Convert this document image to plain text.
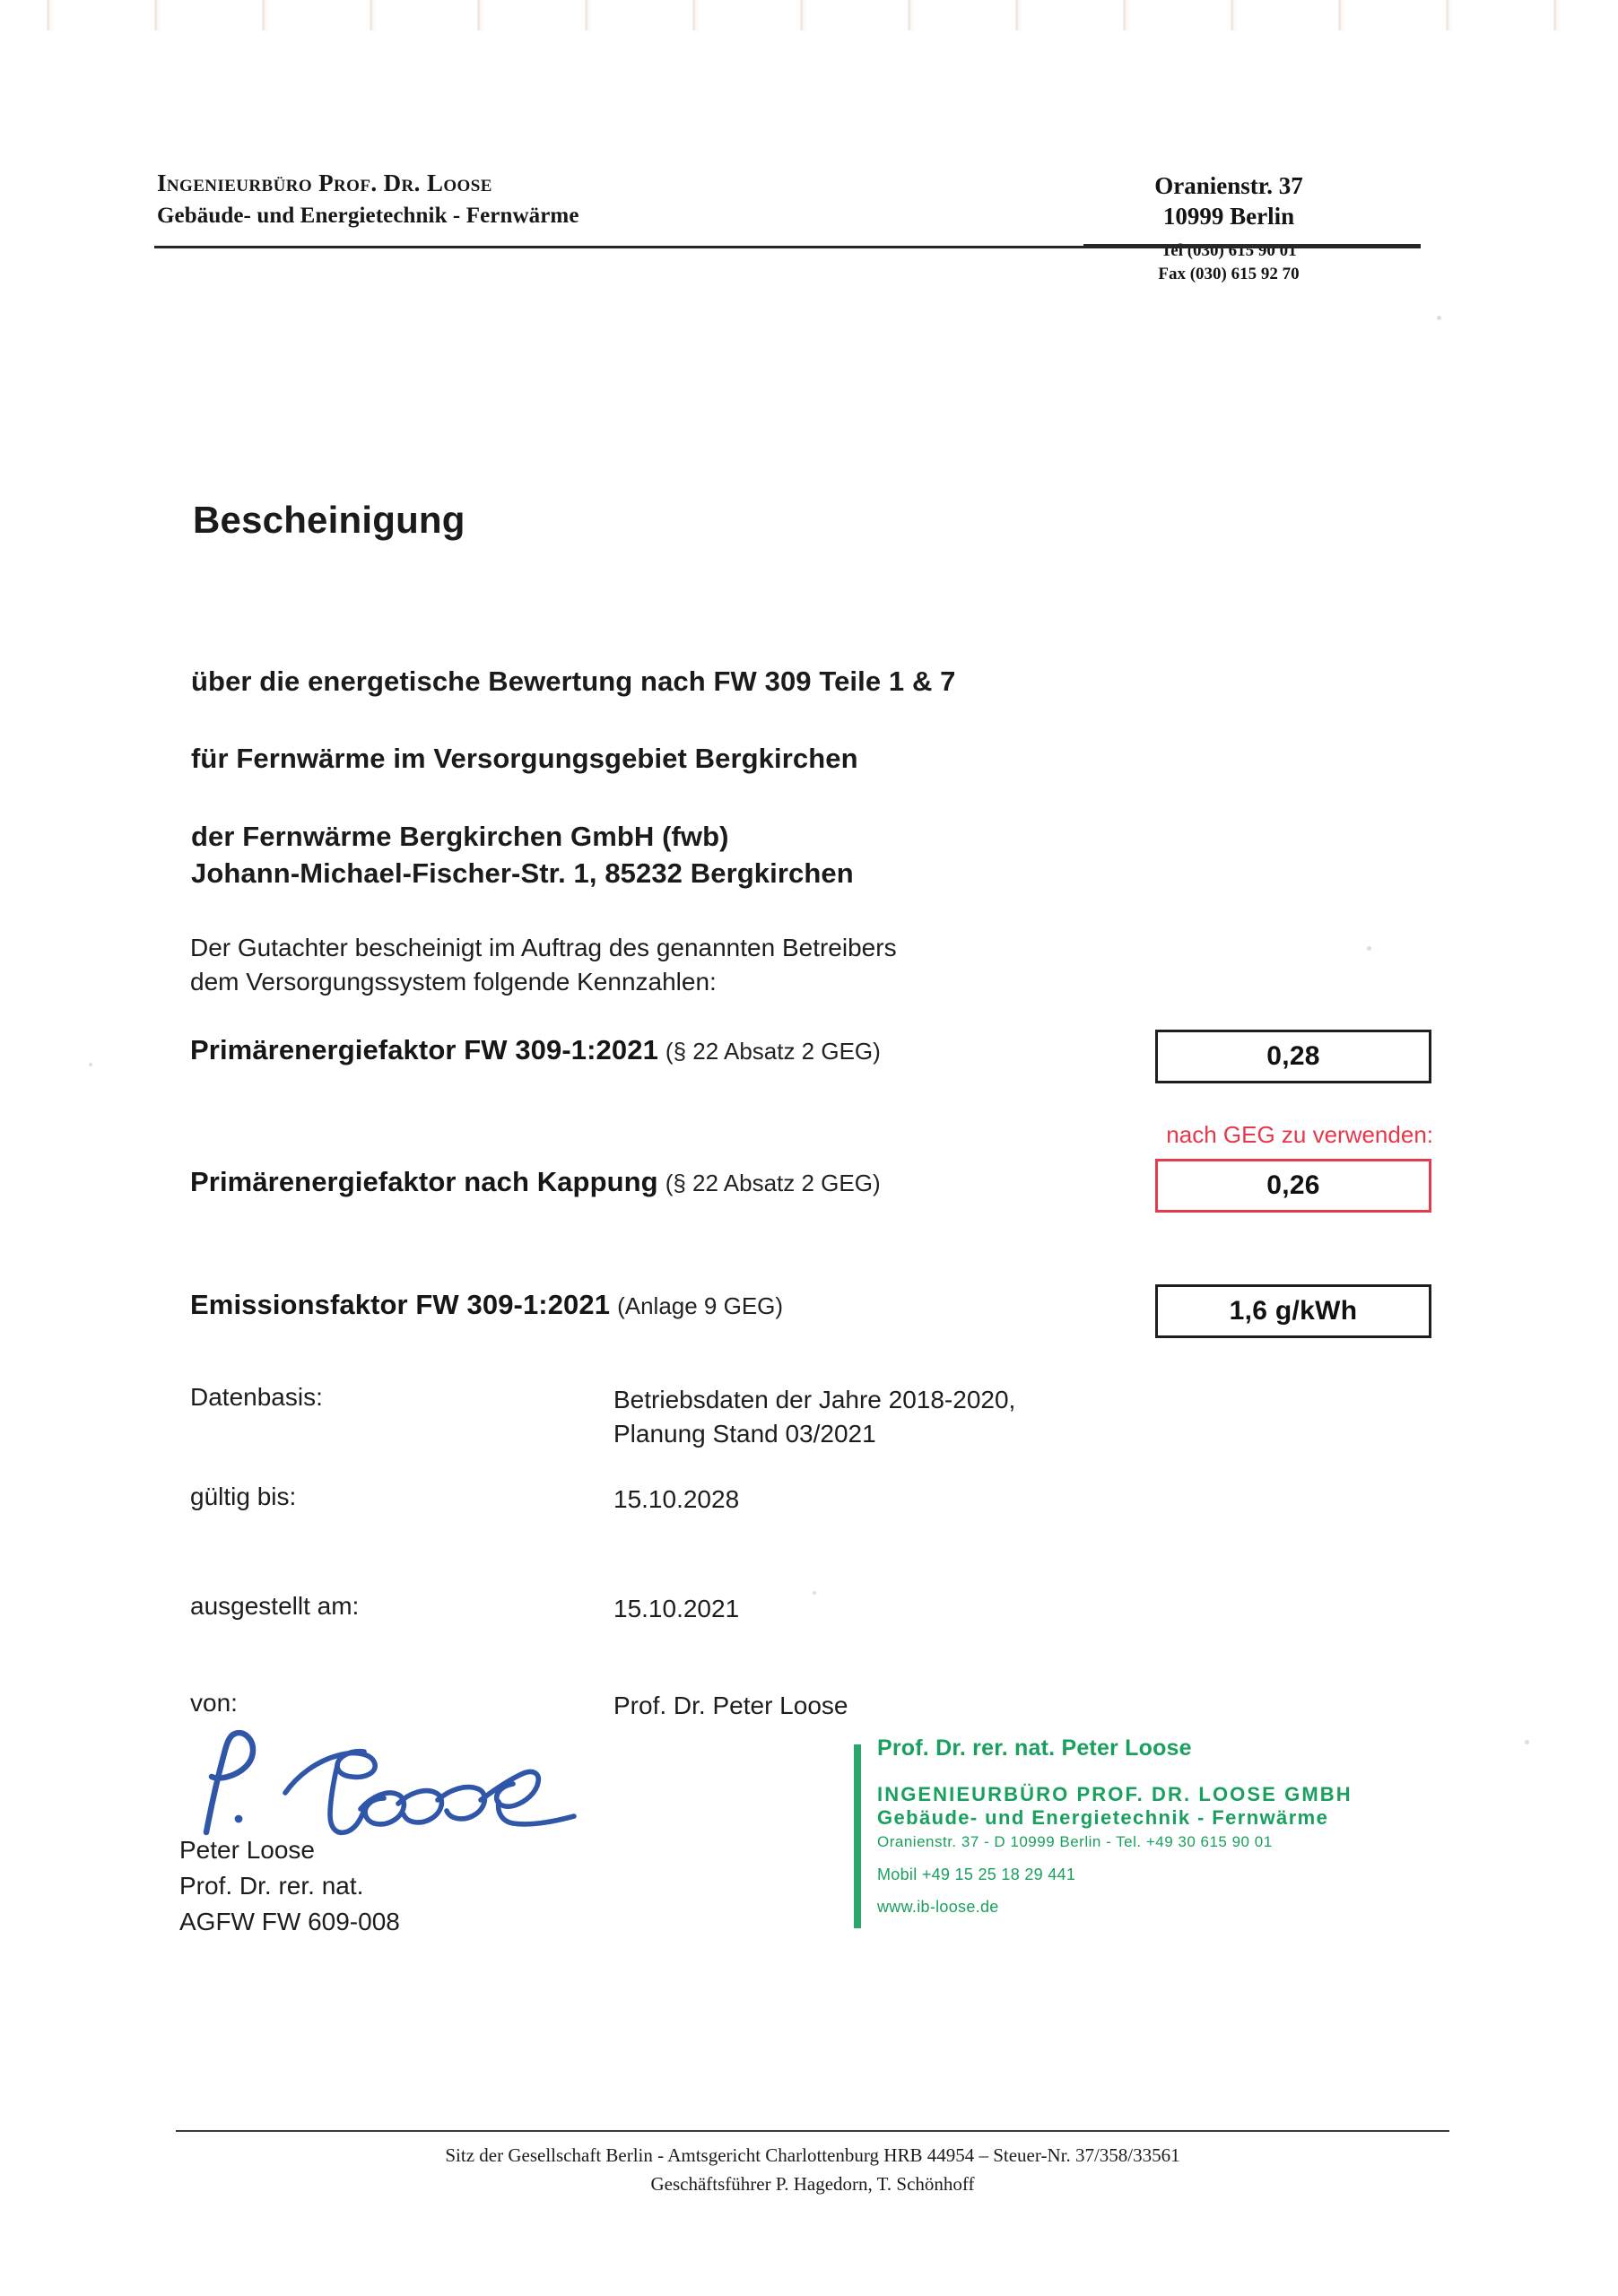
Ingenieurbüro Prof. Dr. Loose
Gebäude- und Energietechnik - Fernwärme
Oranienstr. 37
10999 Berlin
Tel (030) 615 90 01
Fax (030) 615 92 70
Bescheinigung
über die energetische Bewertung nach FW 309 Teile 1 & 7
für Fernwärme im Versorgungsgebiet Bergkirchen
der Fernwärme Bergkirchen GmbH (fwb)
Johann-Michael-Fischer-Str. 1, 85232 Bergkirchen
Der Gutachter bescheinigt im Auftrag des genannten Betreibers
dem Versorgungssystem folgende Kennzahlen:
Primärenergiefaktor FW 309-1:2021 (§ 22 Absatz 2 GEG)	0,28
nach GEG zu verwenden:
Primärenergiefaktor nach Kappung (§ 22 Absatz 2 GEG)	0,26
Emissionsfaktor FW 309-1:2021 (Anlage 9 GEG)	1,6 g/kWh
Datenbasis:	Betriebsdaten der Jahre 2018-2020,
Planung Stand 03/2021
gültig bis:	15.10.2028
ausgestellt am:	15.10.2021
von:	Prof. Dr. Peter Loose
Peter Loose
Prof. Dr. rer. nat.
AGFW FW 609-008
Prof. Dr. rer. nat. Peter Loose
INGENIEURBÜRO PROF. DR. LOOSE GMBH
Gebäude- und Energietechnik - Fernwärme
Oranienstr. 37 - D 10999 Berlin - Tel. +49 30 615 90 01
Mobil +49 15 25 18 29 441
www.ib-loose.de
Sitz der Gesellschaft Berlin - Amtsgericht Charlottenburg HRB 44954 – Steuer-Nr. 37/358/33561
Geschäftsführer P. Hagedorn, T. Schönhoff
